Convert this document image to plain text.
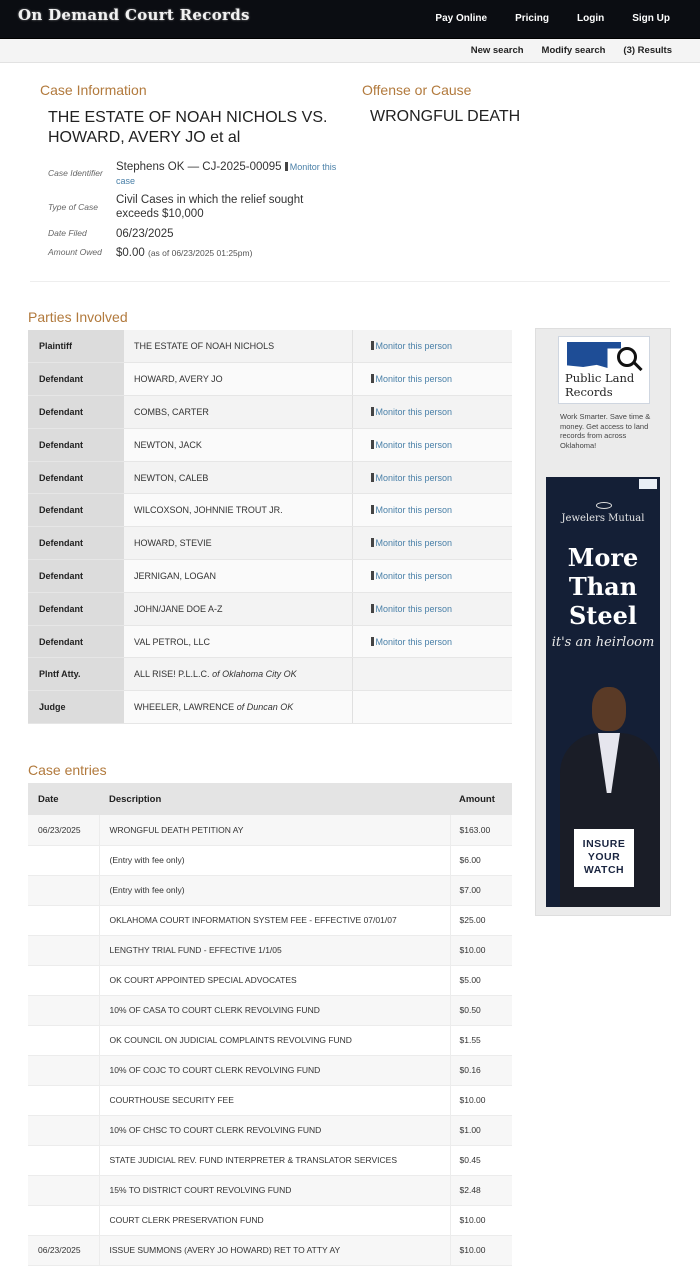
On Demand Court Records	Pay Online	Pricing	Login	Sign Up
New search Modify search (3) Results
Case Information	Offense or Cause
THE ESTATE OF NOAH NICHOLS VS. HOWARD, AVERY JO et al
WRONGFUL DEATH
Case Identifier Stephens OK — CJ-2025-00095 Monitor this case
Type of Case
Civil Cases in which the relief sought exceeds $10,000
Date Filed	06/23/2025
Amount Owed $0.00 (as of 06/23/2025 01:25pm)
Parties Involved
Plaintiff	THE ESTATE OF NOAH NICHOLS	Monitor this person
Defendant	HOWARD, AVERY JO	Monitor this person
Defendant	COMBS, CARTER	Monitor this person
Defendant	NEWTON, JACK	Monitor this person
Defendant	NEWTON, CALEB	Monitor this person
Defendant	WILCOXSON, JOHNNIE TROUT JR.	Monitor this person
Defendant	HOWARD, STEVIE	Monitor this person
Defendant	JERNIGAN, LOGAN	Monitor this person
Defendant	JOHN/JANE DOE A-Z	Monitor this person
Defendant	VAL PETROL, LLC	Monitor this person
Plntf Atty.	ALL RISE! P.L.L.C. of Oklahoma City OK	
Judge	WHEELER, LAWRENCE of Duncan OK	
Case entries
Date	Description	Amount
06/23/2025	WRONGFUL DEATH PETITION AY	$163.00
	(Entry with fee only)	$6.00
	(Entry with fee only)	$7.00
	OKLAHOMA COURT INFORMATION SYSTEM FEE - EFFECTIVE 07/01/07	$25.00
	LENGTHY TRIAL FUND - EFFECTIVE 1/1/05	$10.00
	OK COURT APPOINTED SPECIAL ADVOCATES	$5.00
	10% OF CASA TO COURT CLERK REVOLVING FUND	$0.50
	OK COUNCIL ON JUDICIAL COMPLAINTS REVOLVING FUND	$1.55
	10% OF COJC TO COURT CLERK REVOLVING FUND	$0.16
	COURTHOUSE SECURITY FEE	$10.00
	10% OF CHSC TO COURT CLERK REVOLVING FUND	$1.00
	STATE JUDICIAL REV. FUND INTERPRETER & TRANSLATOR SERVICES	$0.45
	15% TO DISTRICT COURT REVOLVING FUND	$2.48
	COURT CLERK PRESERVATION FUND	$10.00
06/23/2025	ISSUE SUMMONS (AVERY JO HOWARD) RET TO ATTY AY	$10.00
Public Land Records
Work Smarter. Save time & money. Get access to land records from across Oklahoma!
Jewelers Mutual
More Than Steel
it's an heirloom
INSURE YOUR WATCH
